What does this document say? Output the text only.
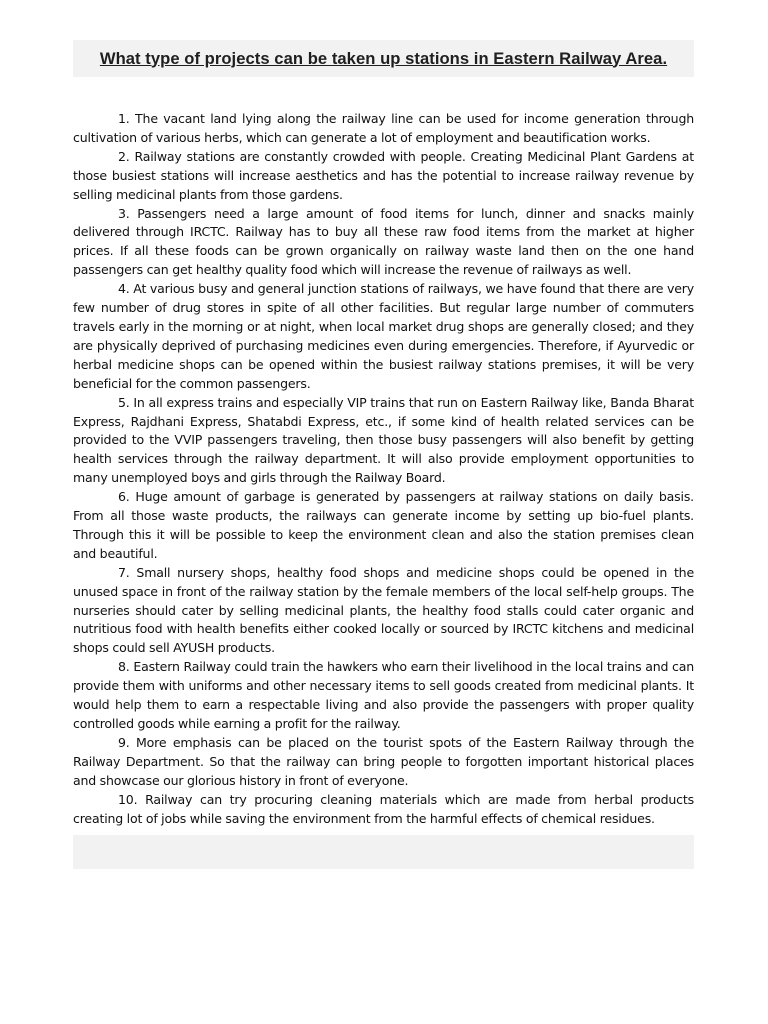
What type of projects can be taken up stations in Eastern Railway Area.

1. The vacant land lying along the railway line can be used for income generation through cultivation of various herbs, which can generate a lot of employment and beautification works.

2. Railway stations are constantly crowded with people. Creating Medicinal Plant Gardens at those busiest stations will increase aesthetics and has the potential to increase railway revenue by selling medicinal plants from those gardens.

3. Passengers need a large amount of food items for lunch, dinner and snacks mainly delivered through IRCTC. Railway has to buy all these raw food items from the market at higher prices. If all these foods can be grown organically on railway waste land then on the one hand passengers can get healthy quality food which will increase the revenue of railways as well.

4. At various busy and general junction stations of railways, we have found that there are very few number of drug stores in spite of all other facilities. But regular large number of commuters travels early in the morning or at night, when local market drug shops are generally closed; and they are physically deprived of purchasing medicines even during emergencies. Therefore, if Ayurvedic or herbal medicine shops can be opened within the busiest railway stations premises, it will be very beneficial for the common passengers.

5. In all express trains and especially VIP trains that run on Eastern Railway like, Banda Bharat Express, Rajdhani Express, Shatabdi Express, etc., if some kind of health related services can be provided to the VVIP passengers traveling, then those busy passengers will also benefit by getting health services through the railway department. It will also provide employment opportunities to many unemployed boys and girls through the Railway Board.

6. Huge amount of garbage is generated by passengers at railway stations on daily basis. From all those waste products, the railways can generate income by setting up bio-fuel plants. Through this it will be possible to keep the environment clean and also the station premises clean and beautiful.

7. Small nursery shops, healthy food shops and medicine shops could be opened in the unused space in front of the railway station by the female members of the local self-help groups. The nurseries should cater by selling medicinal plants, the healthy food stalls could cater organic and nutritious food with health benefits either cooked locally or sourced by IRCTC kitchens and medicinal shops could sell AYUSH products.

8. Eastern Railway could train the hawkers who earn their livelihood in the local trains and can provide them with uniforms and other necessary items to sell goods created from medicinal plants. It would help them to earn a respectable living and also provide the passengers with proper quality controlled goods while earning a profit for the railway.

9. More emphasis can be placed on the tourist spots of the Eastern Railway through the Railway Department. So that the railway can bring people to forgotten important historical places and showcase our glorious history in front of everyone.

10. Railway can try procuring cleaning materials which are made from herbal products creating lot of jobs while saving the environment from the harmful effects of chemical residues.
